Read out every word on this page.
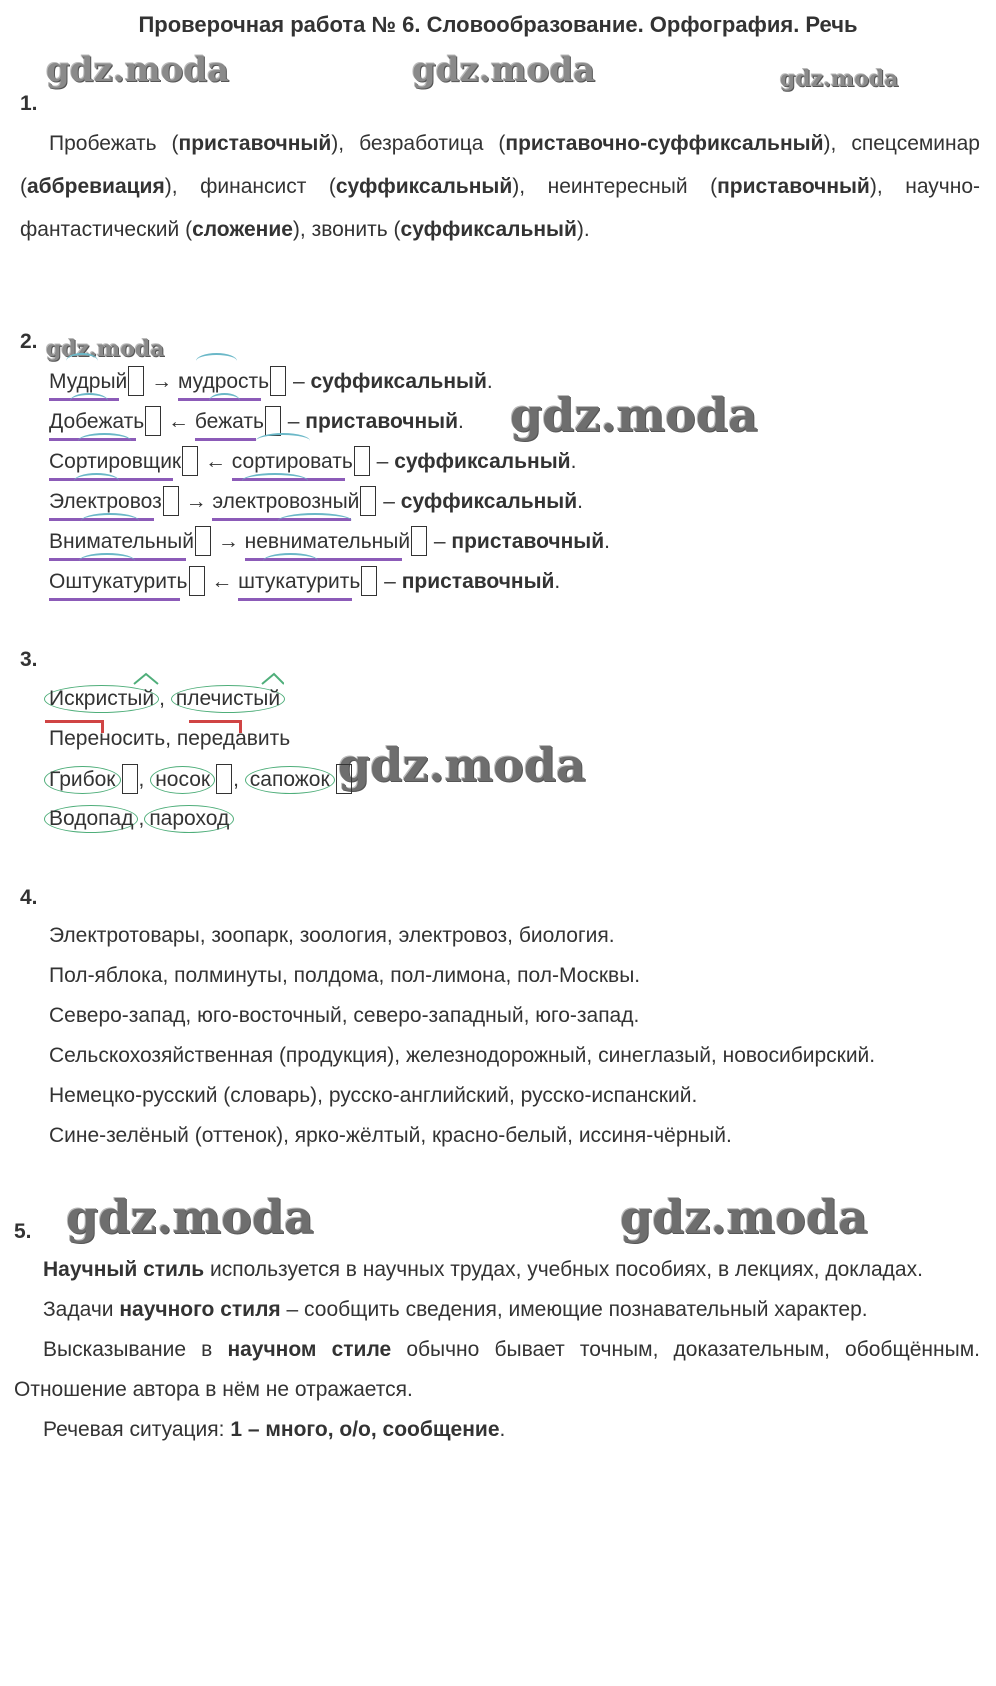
Проверочная работа № 6. Словообразование. Орфография. Речь
gdz.moda	gdz.moda	gdz.moda
gdz.moda
gdz.moda
gdz.moda
gdz.moda	gdz.moda
1.
Пробежать (приставочный), безработица (приставочно-суффиксальный), спецсеминар (аббревиация), финансист (суффиксальный), неинтересный (приставочный), научно-фантастический (сложение), звонить (суффиксальный).
2.
Мудрый
→ мудрость
– суффиксальный.
Добежать
← бежать
– приставочный.
Сортировщик
← сортировать
– суффиксальный.
Электровоз
→ электровозный
– суффиксальный.
Внимательный
→ невнимательный
– приставочный.
Оштукатурить
← штукатурить
– приставочный.
3.
Искристый , плечистый
Переносить, передавить
Грибок , носок , сапожок
Водопад , пароход
4.
Электротовары, зоопарк, зоология, электровоз, биология.
Пол-яблока, полминуты, полдома, пол-лимона, пол-Москвы.
Северо-запад, юго-восточный, северо-западный, юго-запад.
Сельскохозяйственная (продукция), железнодорожный, синеглазый, новосибирский.
Немецко-русский (словарь), русско-английский, русско-испанский.
Сине-зелёный (оттенок), ярко-жёлтый, красно-белый, иссиня-чёрный.
5.
Научный стиль используется в научных трудах, учебных пособиях, в лекциях, докладах.
Задачи научного стиля – сообщить сведения, имеющие познавательный характер.
Высказывание в научном стиле обычно бывает точным, доказательным, обобщённым. Отношение автора в нём не отражается.
Речевая ситуация: 1 – много, о/о, сообщение.
